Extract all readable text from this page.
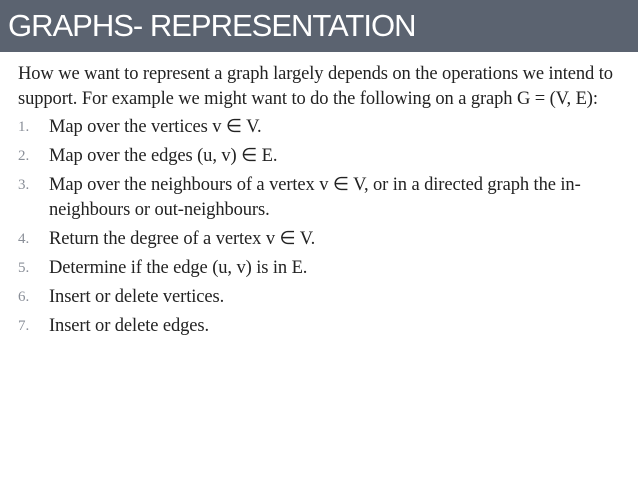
GRAPHS- REPRESENTATION

How we want to represent a graph largely depends on the operations we intend to support. For example we might want to do the following on a graph G = (V, E):

1.	Map over the vertices v ∈ V.
2.	Map over the edges (u, v) ∈ E.
3.	Map over the neighbours of a vertex v ∈ V, or in a directed graph the in-neighbours or out-neighbours.
4.	Return the degree of a vertex v ∈ V.
5.	Determine if the edge (u, v) is in E.
6.	Insert or delete vertices.
7.	Insert or delete edges.
